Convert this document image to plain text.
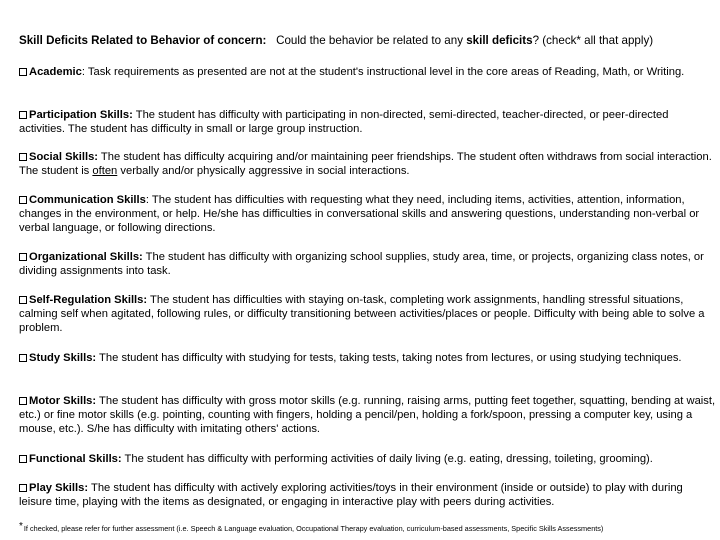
Skill Deficits Related to Behavior of concern: Could the behavior be related to any skill deficits? (check* all that apply)
Academic: Task requirements as presented are not at the student's instructional level in the core areas of Reading, Math, or Writing.
Participation Skills: The student has difficulty with participating in non-directed, semi-directed, teacher-directed, or peer-directed activities. The student has difficulty in small or large group instruction.
Social Skills: The student has difficulty acquiring and/or maintaining peer friendships. The student often withdraws from social interaction. The student is often verbally and/or physically aggressive in social interactions.
Communication Skills: The student has difficulties with requesting what they need, including items, activities, attention, information, changes in the environment, or help. He/she has difficulties in conversational skills and answering questions, understanding non-verbal or verbal language, or following directions.
Organizational Skills: The student has difficulty with organizing school supplies, study area, time, or projects, organizing class notes, or dividing assignments into task.
Self-Regulation Skills: The student has difficulties with staying on-task, completing work assignments, handling stressful situations, calming self when agitated, following rules, or difficulty transitioning between activities/places or people. Difficulty with being able to solve a problem.
Study Skills: The student has difficulty with studying for tests, taking tests, taking notes from lectures, or using studying techniques.
Motor Skills: The student has difficulty with gross motor skills (e.g. running, raising arms, putting feet together, squatting, bending at waist, etc.) or fine motor skills (e.g. pointing, counting with fingers, holding a pencil/pen, holding a fork/spoon, pressing a computer key, using a mouse, etc.). S/he has difficulty with imitating others' actions.
Functional Skills: The student has difficulty with performing activities of daily living (e.g. eating, dressing, toileting, grooming).
Play Skills: The student has difficulty with actively exploring activities/toys in their environment (inside or outside) to play with during leisure time, playing with the items as designated, or engaging in interactive play with peers during activities.
*If checked, please refer for further assessment (i.e. Speech & Language evaluation, Occupational Therapy evaluation, curriculum-based assessments, Specific Skills Assessments)
